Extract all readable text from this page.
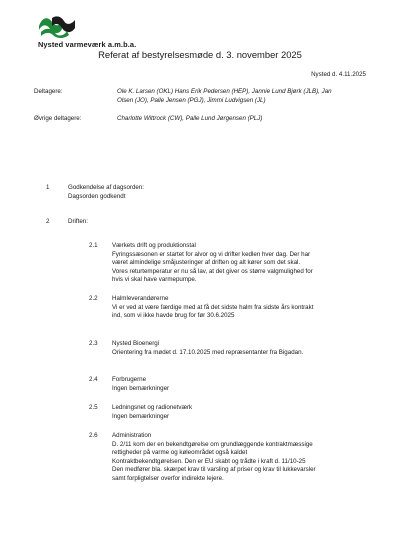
Nysted varmeværk a.m.b.a.
Referat af bestyrelsesmøde d. 3. november 2025
Nysted d. 4.11.2025
Deltagere:	Ole K. Larsen (OKL) Hans Erik Pedersen (HEP), Jannie Lund Bjørk (JLB), Jan
Olsen (JO), Palle Jensen (PGJ), Jimmi Ludvigsen (JL)
Øvrige deltagere:	Charlotte Wittrock (CW), Palle Lund Jørgensen (PLJ)
1	Godkendelse af dagsorden:
Dagsorden godkendt
2	Driften:
2.1 Værkets drift og produktionstal
Fyringssæsonen er startet for alvor og vi drifter kedlen hver dag. Der har
været almindelige småjusteringer af driften og alt kører som det skal.
Vores returtemperatur er nu så lav, at det giver os større valgmulighed for
hvis vi skal have varmepumpe.
2.2 Halmleverandørerne
Vi er ved at være færdige med at få det sidste halm fra sidste års kontrakt
ind, som vi ikke havde brug for før 30.6.2025
2.3 Nysted Bioenergi
Orientering fra mødet d. 17.10.2025 med repræsentanter fra Bigadan.
2.4 Forbrugerne
Ingen bemærkninger
2.5 Ledningsnet og radionetværk
Ingen bemærkninger
2.6 Administration
D. 2/11 kom der en bekendtgørelse om grundlæggende kontraktmæssige
rettigheder på varme og køleområdet også kaldet
Kontraktbekendtgørelsen. Den er EU skabt og trådte i kraft d. 11/10-25
Den medfører bla. skærpet krav til varsling af priser og krav til lukkevarsler
samt forpligtelser overfor indirekte lejere.
